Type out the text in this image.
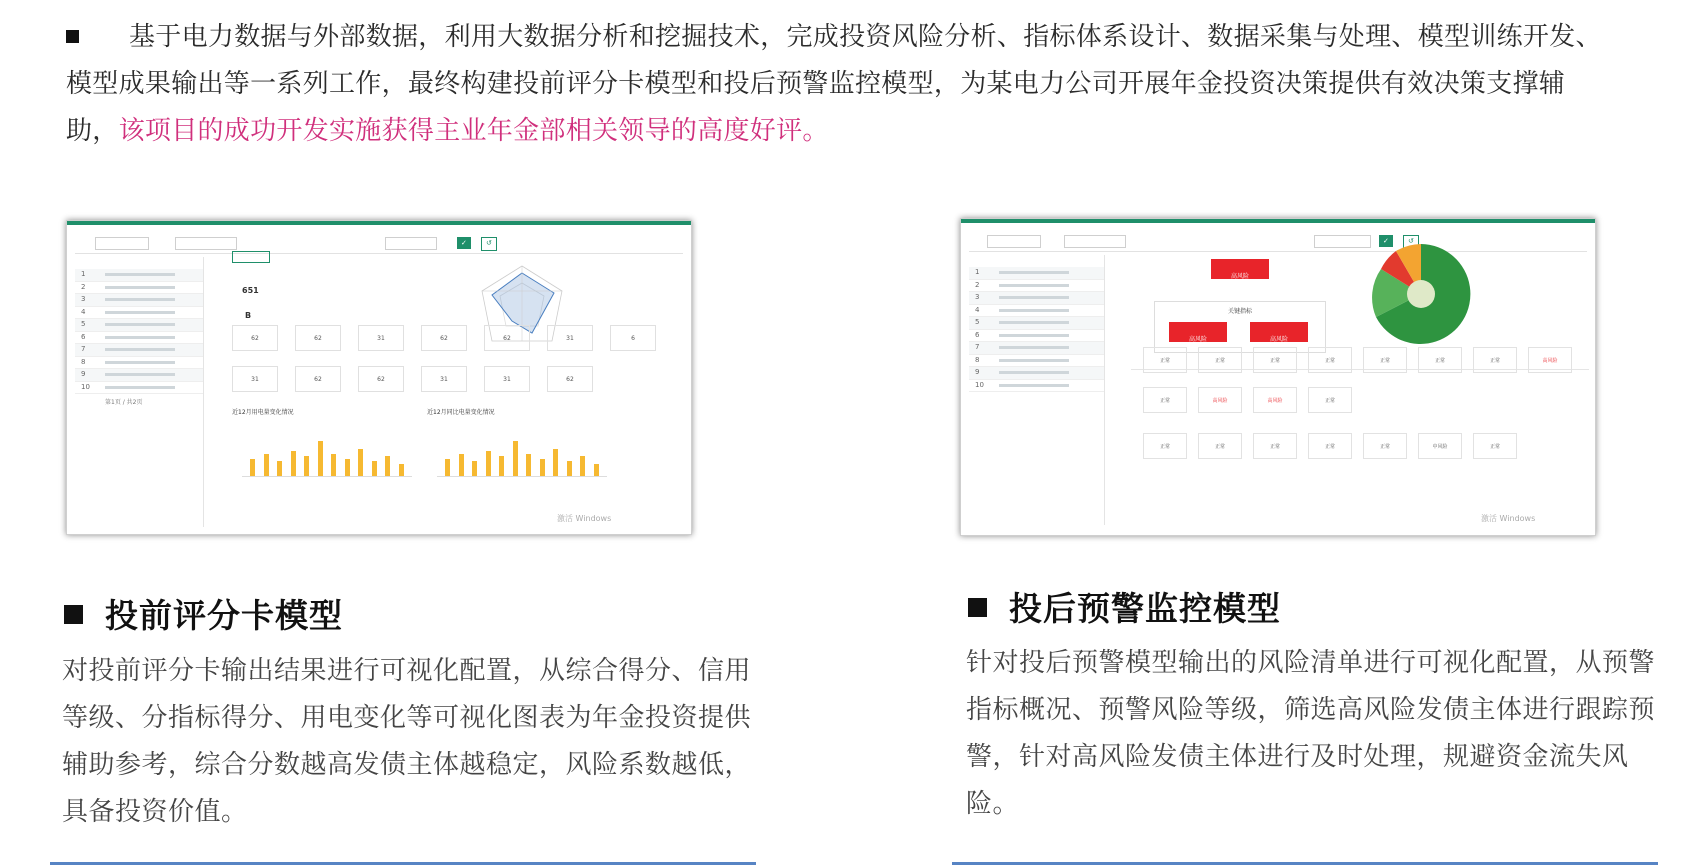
基于电力数据与外部数据，利用大数据分析和挖掘技术，完成投资风险分析、指标体系设计、数据采集与处理、模型训练开发、模型成果输出等一系列工作，最终构建投前评分卡模型和投后预警监控模型，为某电力公司开展年金投资决策提供有效决策支撑辅助，该项目的成功开发实施获得主业年金部相关领导的高度好评。
✓	↺
1
2
3
4
5
6
7
8
9
10
第1页 / 共2页
651
B
62	62	31	62	62	31	6
31	62	62	31	31	62
近12月用电量变化情况	近12月同比电量变化情况
激活 Windows
✓	↺
1
2
3
4
5
6
7
8
9
10

高风险
关键指标

高风险	高风险
正常	正常	正常	正常	正常	正常	正常	高风险
正常	高风险	高风险	正常
正常	正常	正常	正常	正常	中风险	正常
激活 Windows
投前评分卡模型
对投前评分卡输出结果进行可视化配置，从综合得分、信用等级、分指标得分、用电变化等可视化图表为年金投资提供辅助参考，综合分数越高发债主体越稳定，风险系数越低，具备投资价值。
投后预警监控模型
针对投后预警模型输出的风险清单进行可视化配置，从预警指标概况、预警风险等级，筛选高风险发债主体进行跟踪预警，针对高风险发债主体进行及时处理，规避资金流失风险。
